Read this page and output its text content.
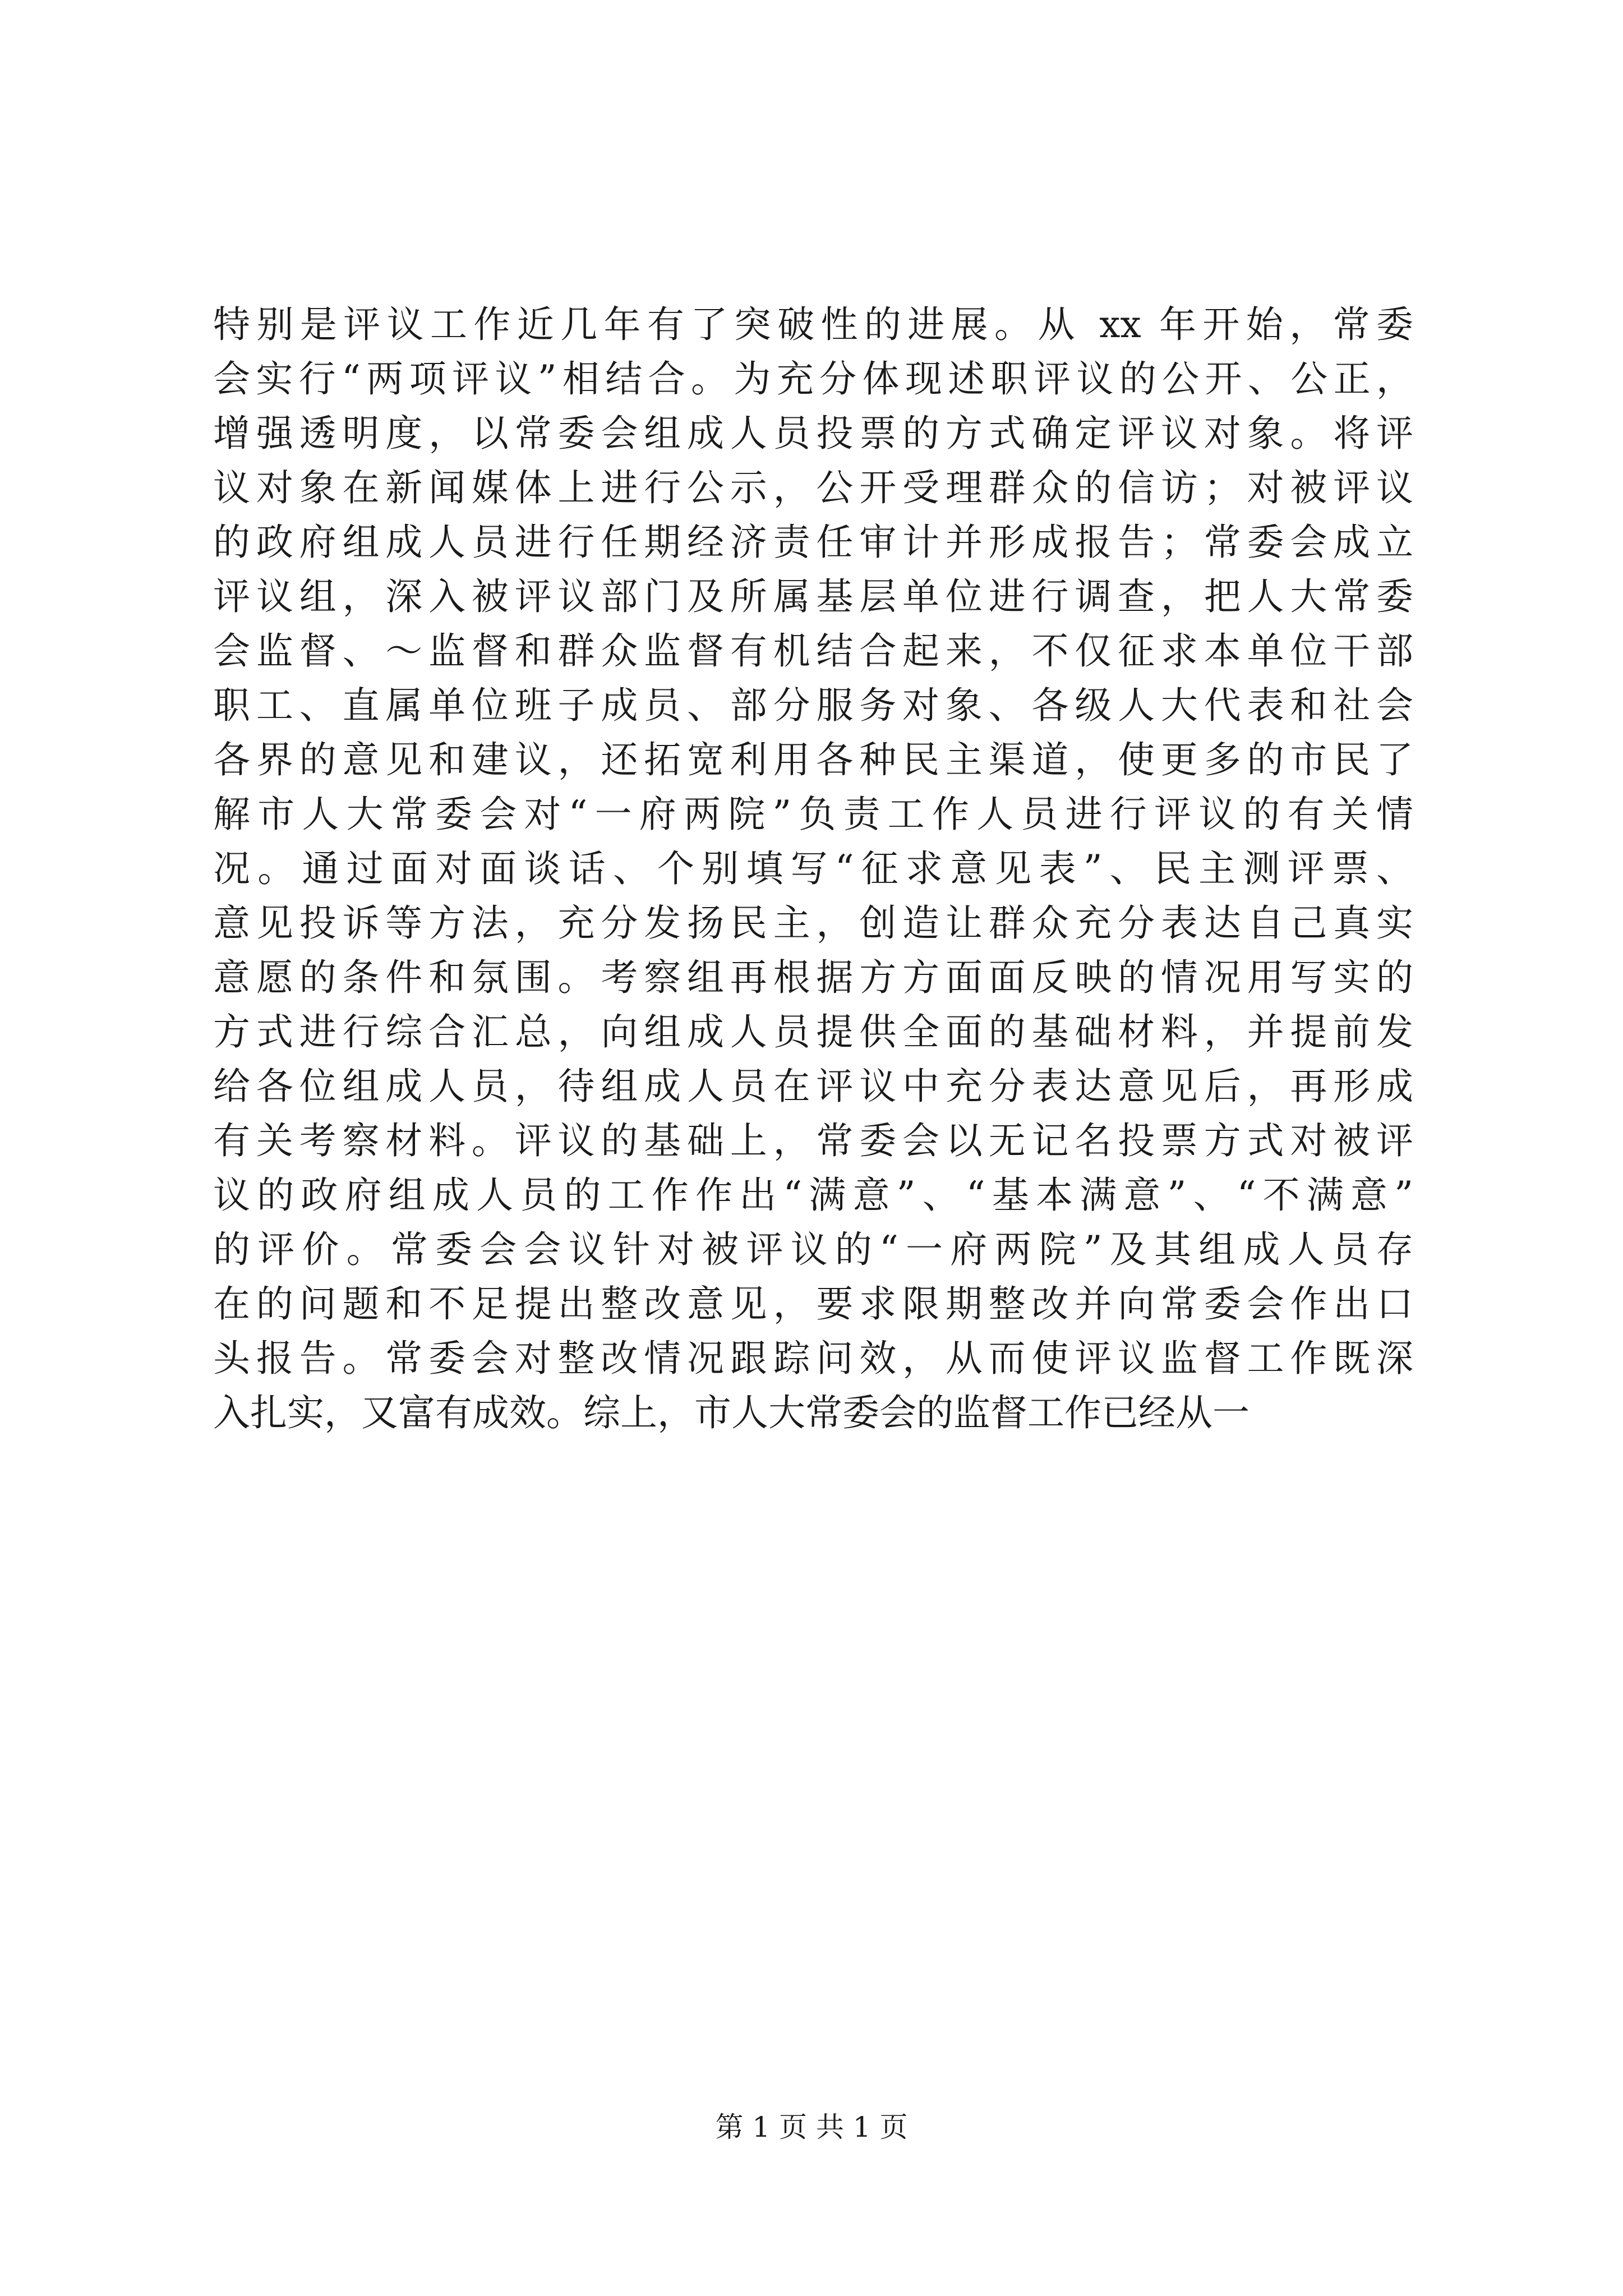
特别是评议工作近几年有了突破性的进展。从 xx 年开始，常委
会实行“两项评议”相结合。为充分体现述职评议的公开、公正，
增强透明度，以常委会组成人员投票的方式确定评议对象。将评
议对象在新闻媒体上进行公示，公开受理群众的信访；对被评议
的政府组成人员进行任期经济责任审计并形成报告；常委会成立
评议组，深入被评议部门及所属基层单位进行调查，把人大常委
会监督、～监督和群众监督有机结合起来，不仅征求本单位干部
职工、直属单位班子成员、部分服务对象、各级人大代表和社会
各界的意见和建议，还拓宽利用各种民主渠道，使更多的市民了
解市人大常委会对“一府两院”负责工作人员进行评议的有关情
况。通过面对面谈话、个别填写“征求意见表”、民主测评票、
意见投诉等方法，充分发扬民主，创造让群众充分表达自己真实
意愿的条件和氛围。考察组再根据方方面面反映的情况用写实的
方式进行综合汇总，向组成人员提供全面的基础材料，并提前发
给各位组成人员，待组成人员在评议中充分表达意见后，再形成
有关考察材料。评议的基础上，常委会以无记名投票方式对被评
议的政府组成人员的工作作出“满意”、“基本满意”、“不满意”
的评价。常委会会议针对被评议的“一府两院”及其组成人员存
在的问题和不足提出整改意见，要求限期整改并向常委会作出口
头报告。常委会对整改情况跟踪问效，从而使评议监督工作既深
入扎实，又富有成效。综上，市人大常委会的监督工作已经从一
第 1 页 共 1 页
